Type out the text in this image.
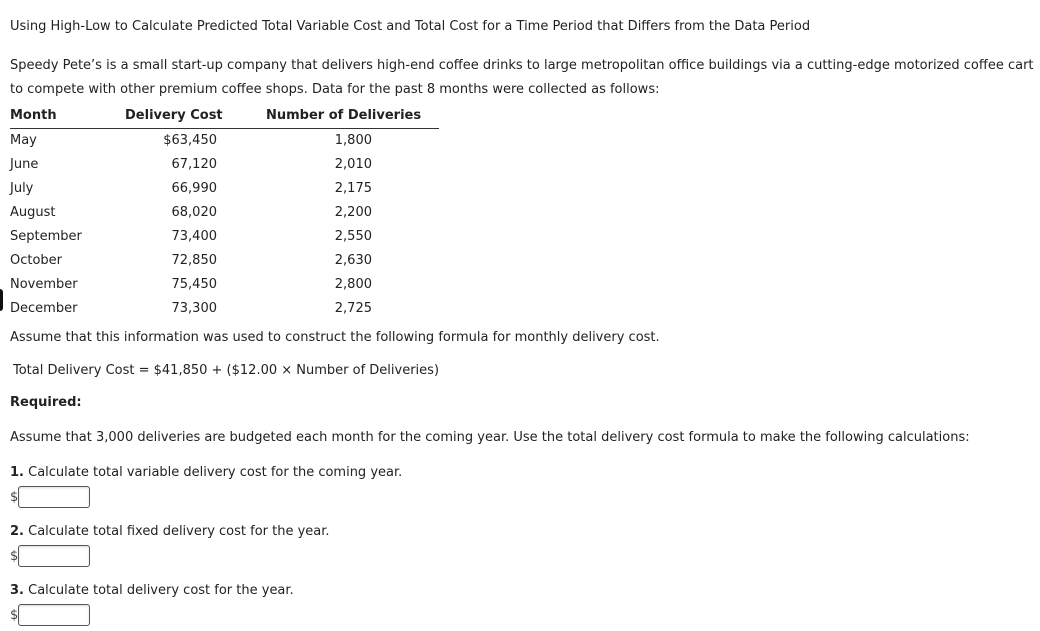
Using High-Low to Calculate Predicted Total Variable Cost and Total Cost for a Time Period that Differs from the Data Period
Speedy Pete’s is a small start-up company that delivers high-end coffee drinks to large metropolitan office buildings via a cutting-edge motorized coffee cart to compete with other premium coffee shops. Data for the past 8 months were collected as follows:
Month	Delivery Cost	Number of Deliveries
May	$63,450	1,800
June	67,120	2,010
July	66,990	2,175
August	68,020	2,200
September	73,400	2,550
October	72,850	2,630
November	75,450	2,800
December	73,300	2,725
Assume that this information was used to construct the following formula for monthly delivery cost.
Total Delivery Cost = $41,850 + ($12.00 × Number of Deliveries)
Required:
Assume that 3,000 deliveries are budgeted each month for the coming year. Use the total delivery cost formula to make the following calculations:
1. Calculate total variable delivery cost for the coming year.
$
2. Calculate total fixed delivery cost for the year.
$
3. Calculate total delivery cost for the year.
$
